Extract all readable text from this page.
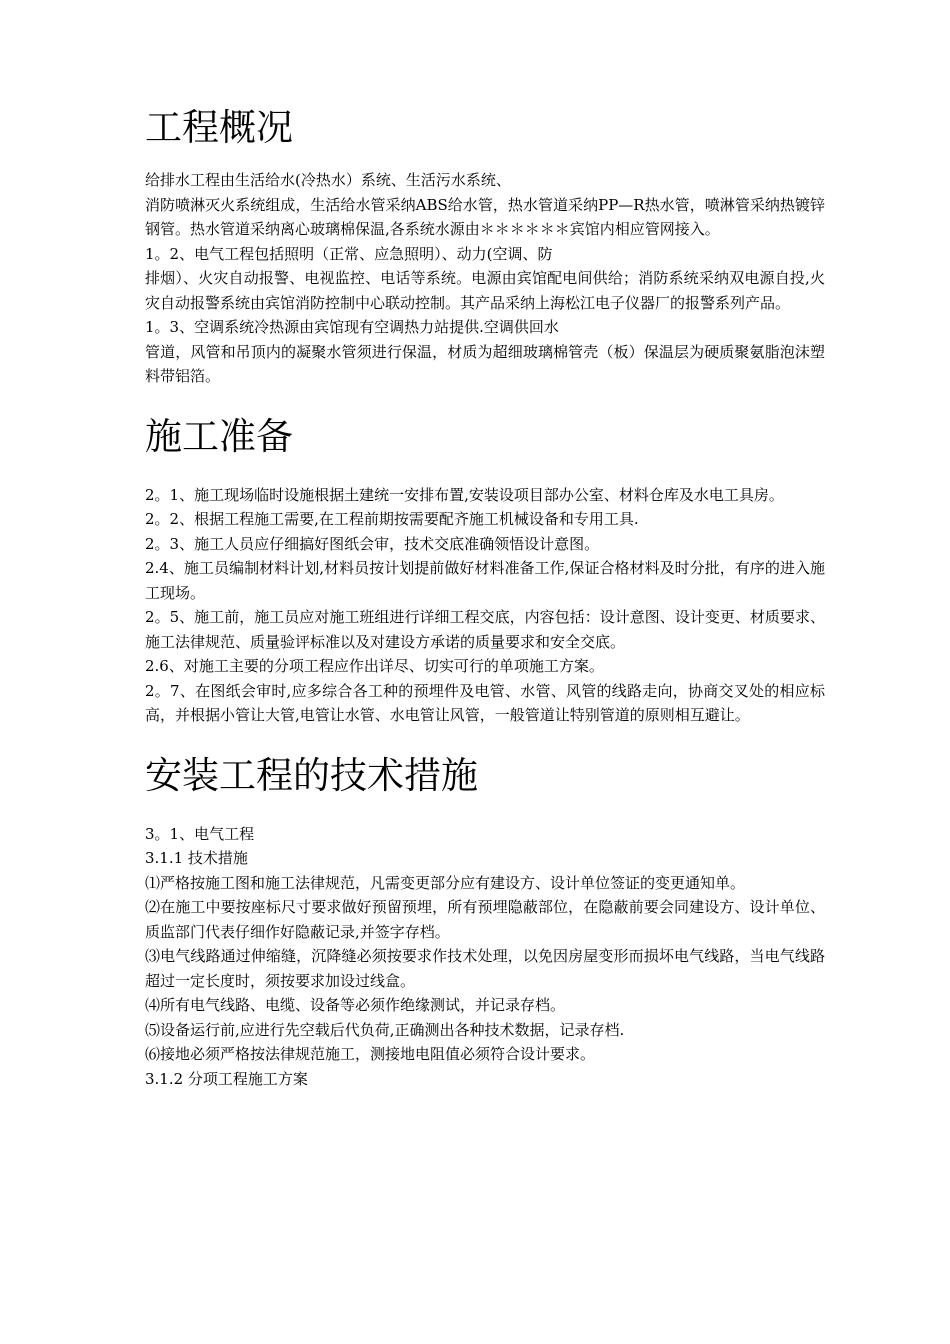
工程概况

给排水工程由生活给水(冷热水）系统、生活污水系统、

消防喷淋灭火系统组成，生活给水管采纳ABS给水管，热水管道采纳PP—R热水管，喷淋管采纳热镀锌钢管。热水管道采纳离心玻璃棉保温,各系统水源由＊＊＊＊＊＊宾馆内相应管网接入。

1。2、电气工程包括照明（正常、应急照明）、动力(空调、防

排烟）、火灾自动报警、电视监控、电话等系统。电源由宾馆配电间供给；消防系统采纳双电源自投,火灾自动报警系统由宾馆消防控制中心联动控制。其产品采纳上海松江电子仪器厂的报警系列产品。

1。3、空调系统冷热源由宾馆现有空调热力站提供.空调供回水

管道，风管和吊顶内的凝聚水管须进行保温，材质为超细玻璃棉管壳（板）保温层为硬质聚氨脂泡沫塑料带铝箔。

施工准备

2。1、施工现场临时设施根据土建统一安排布置,安装设项目部办公室、材料仓库及水电工具房。

2。2、根据工程施工需要,在工程前期按需要配齐施工机械设备和专用工具.

2。3、施工人员应仔细搞好图纸会审，技术交底准确领悟设计意图。

2.4、施工员编制材料计划,材料员按计划提前做好材料准备工作,保证合格材料及时分批，有序的进入施工现场。

2。5、施工前，施工员应对施工班组进行详细工程交底，内容包括：设计意图、设计变更、材质要求、施工法律规范、质量验评标准以及对建设方承诺的质量要求和安全交底。

2.6、对施工主要的分项工程应作出详尽、切实可行的单项施工方案。

2。7、在图纸会审时,应多综合各工种的预埋件及电管、水管、风管的线路走向，协商交叉处的相应标高，并根据小管让大管,电管让水管、水电管让风管，一般管道让特别管道的原则相互避让。

安装工程的技术措施

3。1、电气工程

3.1.1 技术措施

⑴严格按施工图和施工法律规范，凡需变更部分应有建设方、设计单位签证的变更通知单。

⑵在施工中要按座标尺寸要求做好预留预埋，所有预埋隐蔽部位，在隐蔽前要会同建设方、设计单位、质监部门代表仔细作好隐蔽记录,并签字存档。

⑶电气线路通过伸缩缝，沉降缝必须按要求作技术处理，以免因房屋变形而损坏电气线路，当电气线路超过一定长度时，须按要求加设过线盒。

⑷所有电气线路、电缆、设备等必须作绝缘测试，并记录存档。

⑸设备运行前,应进行先空载后代负荷,正确测出各种技术数据，记录存档.

⑹接地必须严格按法律规范施工，测接地电阻值必须符合设计要求。

3.1.2 分项工程施工方案
